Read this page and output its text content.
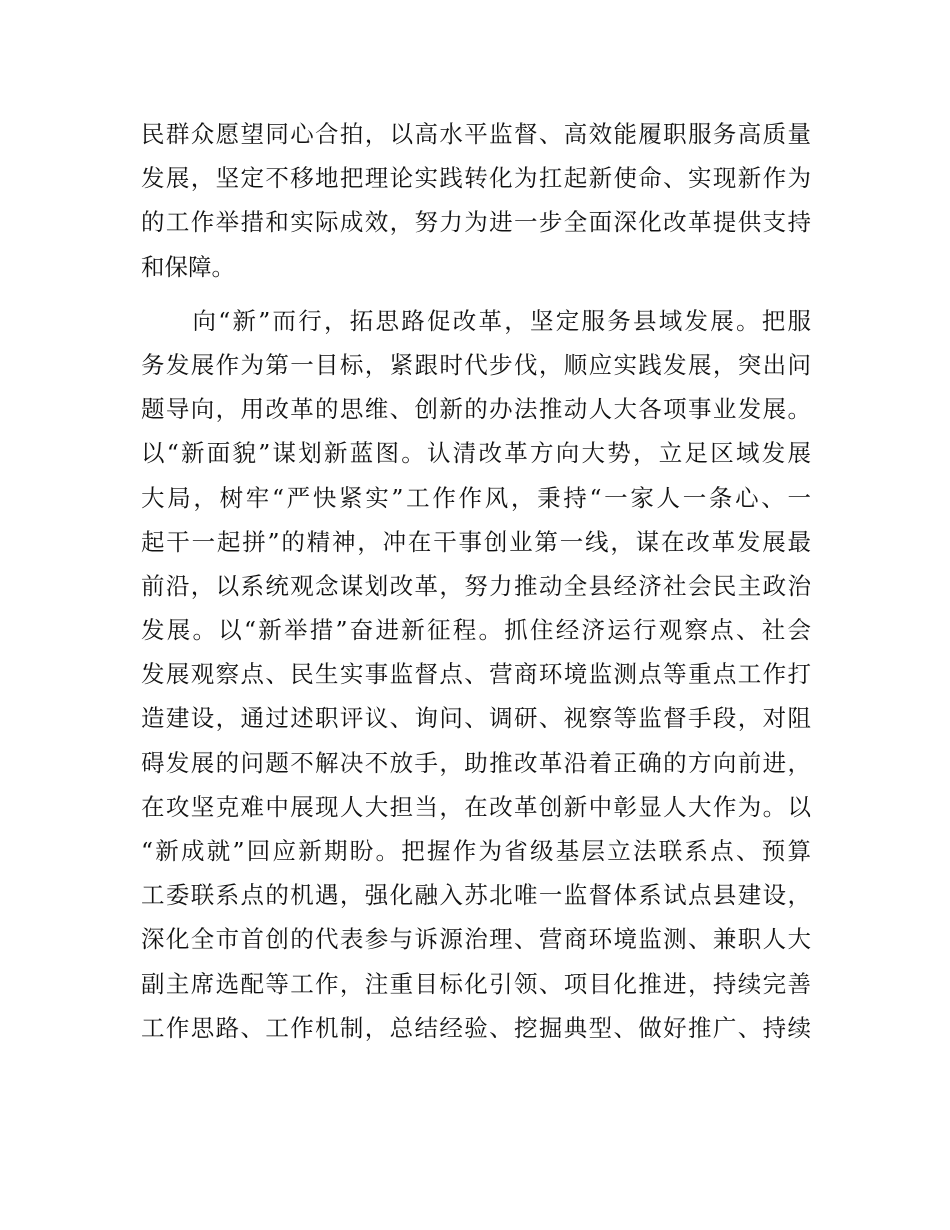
民群众愿望同心合拍，以高水平监督、高效能履职服务高质量
发展，坚定不移地把理论实践转化为扛起新使命、实现新作为
的工作举措和实际成效，努力为进一步全面深化改革提供支持
和保障。
　　向“新”而行，拓思路促改革，坚定服务县域发展。把服
务发展作为第一目标，紧跟时代步伐，顺应实践发展，突出问
题导向，用改革的思维、创新的办法推动人大各项事业发展。
以“新面貌”谋划新蓝图。认清改革方向大势，立足区域发展
大局，树牢“严快紧实”工作作风，秉持“一家人一条心、一
起干一起拼”的精神，冲在干事创业第一线，谋在改革发展最
前沿，以系统观念谋划改革，努力推动全县经济社会民主政治
发展。以“新举措”奋进新征程。抓住经济运行观察点、社会
发展观察点、民生实事监督点、营商环境监测点等重点工作打
造建设，通过述职评议、询问、调研、视察等监督手段，对阻
碍发展的问题不解决不放手，助推改革沿着正确的方向前进，
在攻坚克难中展现人大担当，在改革创新中彰显人大作为。以
“新成就”回应新期盼。把握作为省级基层立法联系点、预算
工委联系点的机遇，强化融入苏北唯一监督体系试点县建设，
深化全市首创的代表参与诉源治理、营商环境监测、兼职人大
副主席选配等工作，注重目标化引领、项目化推进，持续完善
工作思路、工作机制，总结经验、挖掘典型、做好推广、持续
